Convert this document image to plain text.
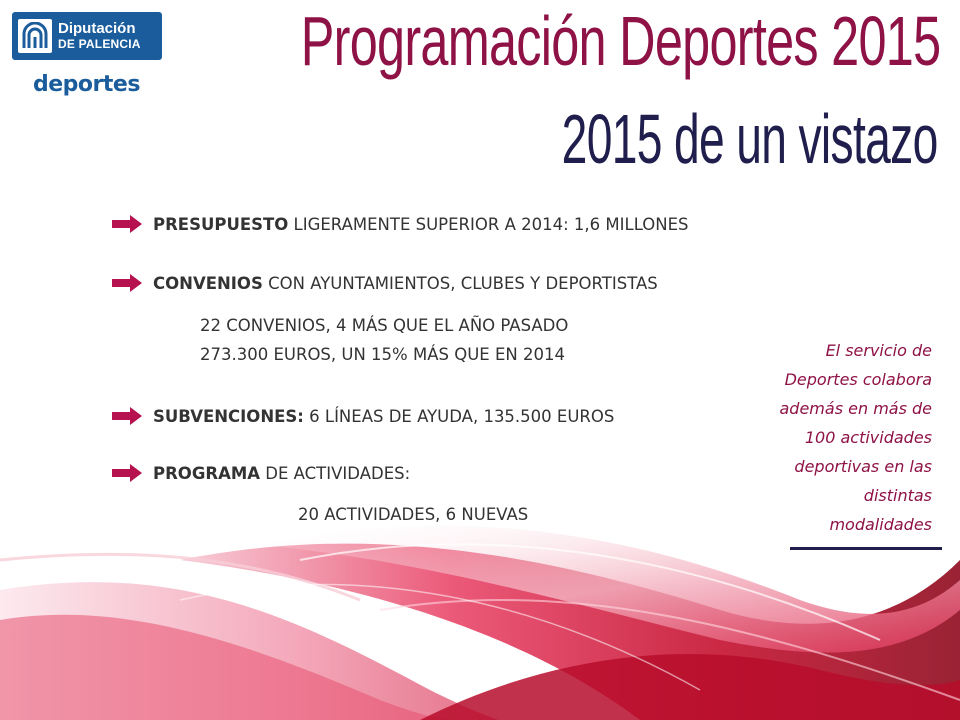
Diputación
DE PALENCIA
deportes
Programación Deportes 2015
2015 de un vistazo
PRESUPUESTO LIGERAMENTE SUPERIOR A 2014: 1,6 MILLONES
CONVENIOS CON AYUNTAMIENTOS, CLUBES Y DEPORTISTAS
22 CONVENIOS, 4 MÁS QUE EL AÑO PASADO
273.300 EUROS, UN 15% MÁS QUE EN 2014
SUBVENCIONES: 6 LÍNEAS DE AYUDA, 135.500 EUROS
PROGRAMA DE ACTIVIDADES:
20 ACTIVIDADES, 6 NUEVAS
El servicio de
Deportes colabora
además en más de
100 actividades
deportivas en las
distintas
modalidades
